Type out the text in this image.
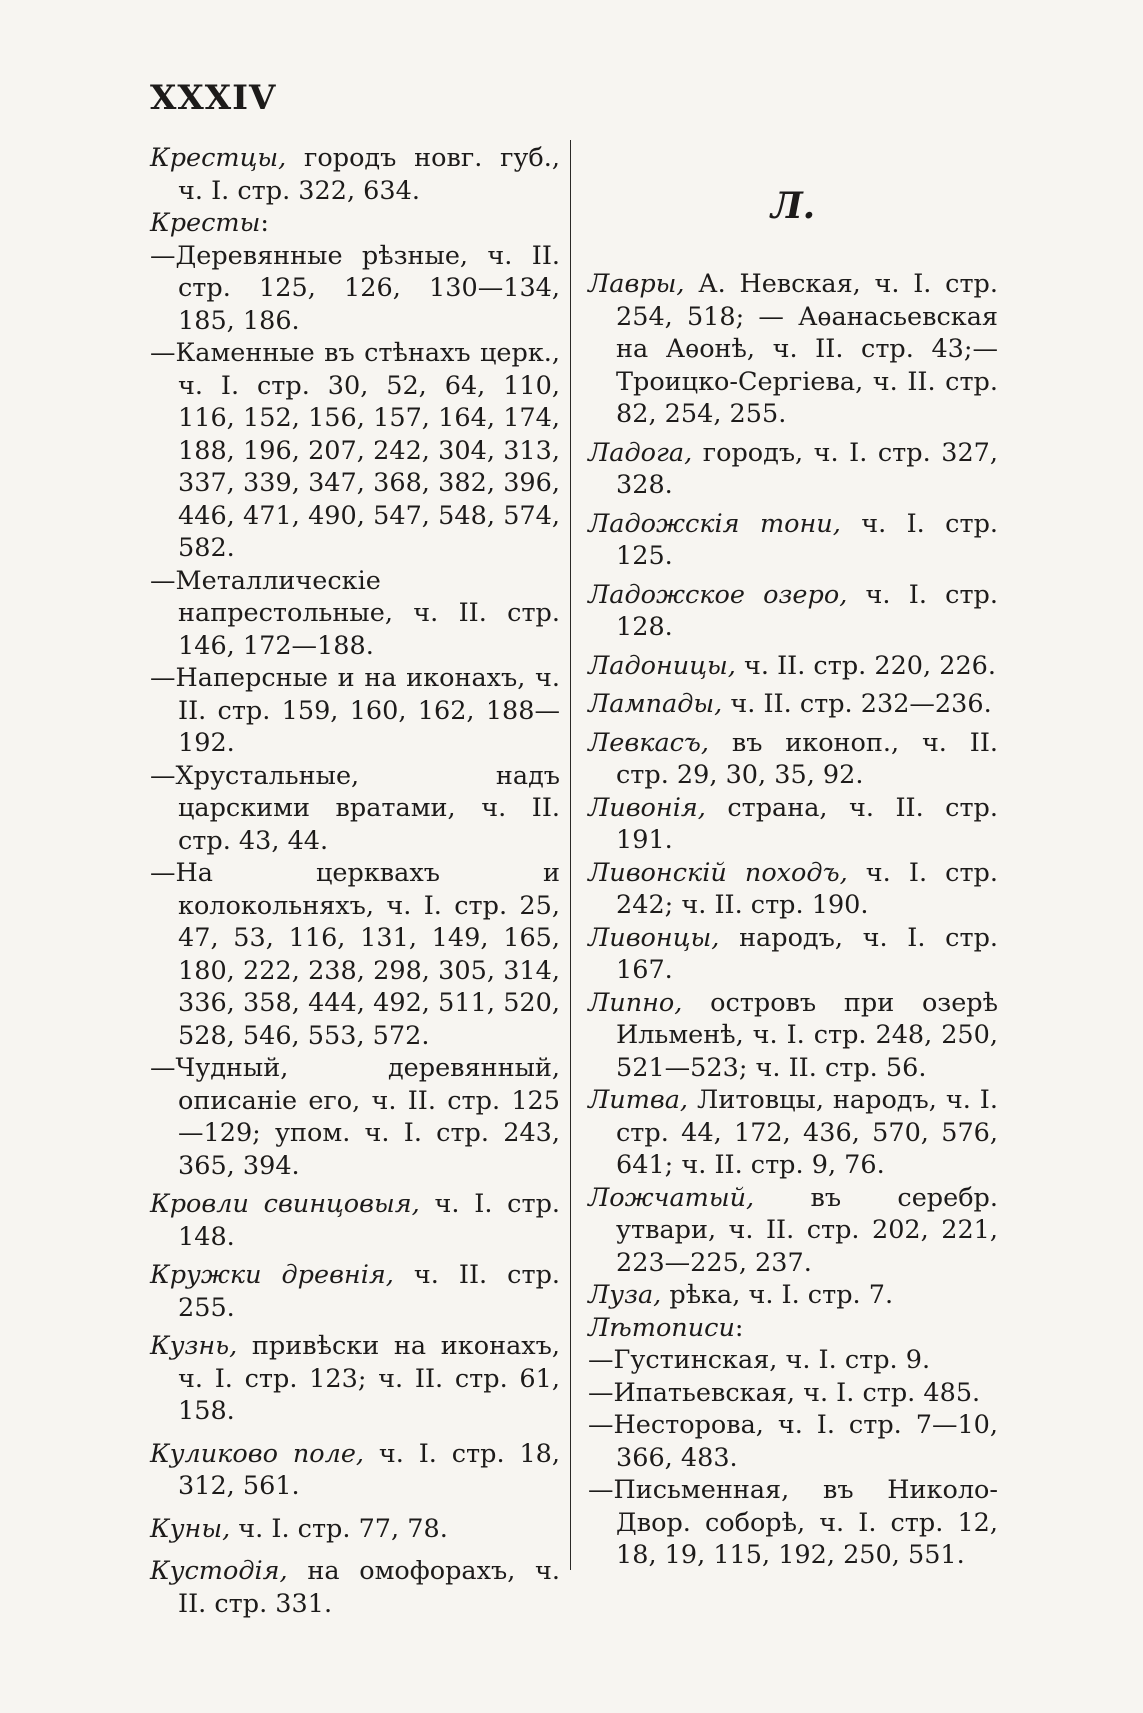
XXXIV

Крестцы, городъ новг. губ., ч. I. стр. 322, 634.

Кресты:

—Деревянные рѣзные, ч. II. стр. 125, 126, 130—134, 185, 186.

—Каменные въ стѣнахъ церк., ч. I. стр. 30, 52, 64, 110, 116, 152, 156, 157, 164, 174, 188, 196, 207, 242, 304, 313, 337, 339, 347, 368, 382, 396, 446, 471, 490, 547, 548, 574, 582.

—Металлическіе напрестольные, ч. II. стр. 146, 172—188.

—Наперсные и на иконахъ, ч. II. стр. 159, 160, 162, 188—192.

—Хрустальные, надъ царскими вратами, ч. II. стр. 43, 44.

—На церквахъ и колокольняхъ, ч. I. стр. 25, 47, 53, 116, 131, 149, 165, 180, 222, 238, 298, 305, 314, 336, 358, 444, 492, 511, 520, 528, 546, 553, 572.

—Чудный, деревянный, описаніе его, ч. II. стр. 125—129; упом. ч. I. стр. 243, 365, 394.

Кровли свинцовыя, ч. I. стр. 148.

Кружки древнія, ч. II. стр. 255.

Кузнь, привѣски на иконахъ, ч. I. стр. 123; ч. II. стр. 61, 158.

Куликово поле, ч. I. стр. 18, 312, 561.

Куны, ч. I. стр. 77, 78.

Кустодія, на омофорахъ, ч. II. стр. 331.

Л.

Лавры, А. Невская, ч. I. стр. 254, 518; — Аѳанасьевская на Аѳонѣ, ч. II. стр. 43;— Троицко-Сергіева, ч. II. стр. 82, 254, 255.

Ладога, городъ, ч. I. стр. 327, 328.

Ладожскія тони, ч. I. стр. 125.

Ладожское озеро, ч. I. стр. 128.

Ладоницы, ч. II. стр. 220, 226.

Лампады, ч. II. стр. 232—236.

Левкасъ, въ иконоп., ч. II. стр. 29, 30, 35, 92.

Ливонія, страна, ч. II. стр. 191.

Ливонскій походъ, ч. I. стр. 242; ч. II. стр. 190.

Ливонцы, народъ, ч. I. стр. 167.

Липно, островъ при озерѣ Ильменѣ, ч. I. стр. 248, 250, 521—523; ч. II. стр. 56.

Литва, Литовцы, народъ, ч. I. стр. 44, 172, 436, 570, 576, 641; ч. II. стр. 9, 76.

Ложчатый, въ серебр. утвари, ч. II. стр. 202, 221, 223—225, 237.

Луза, рѣка, ч. I. стр. 7.

Лѣтописи:

—Густинская, ч. I. стр. 9.

—Ипатьевская, ч. I. стр. 485.

—Несторова, ч. I. стр. 7—10, 366, 483.

—Письменная, въ Николо-Двор. соборѣ, ч. I. стр. 12, 18, 19, 115, 192, 250, 551.
